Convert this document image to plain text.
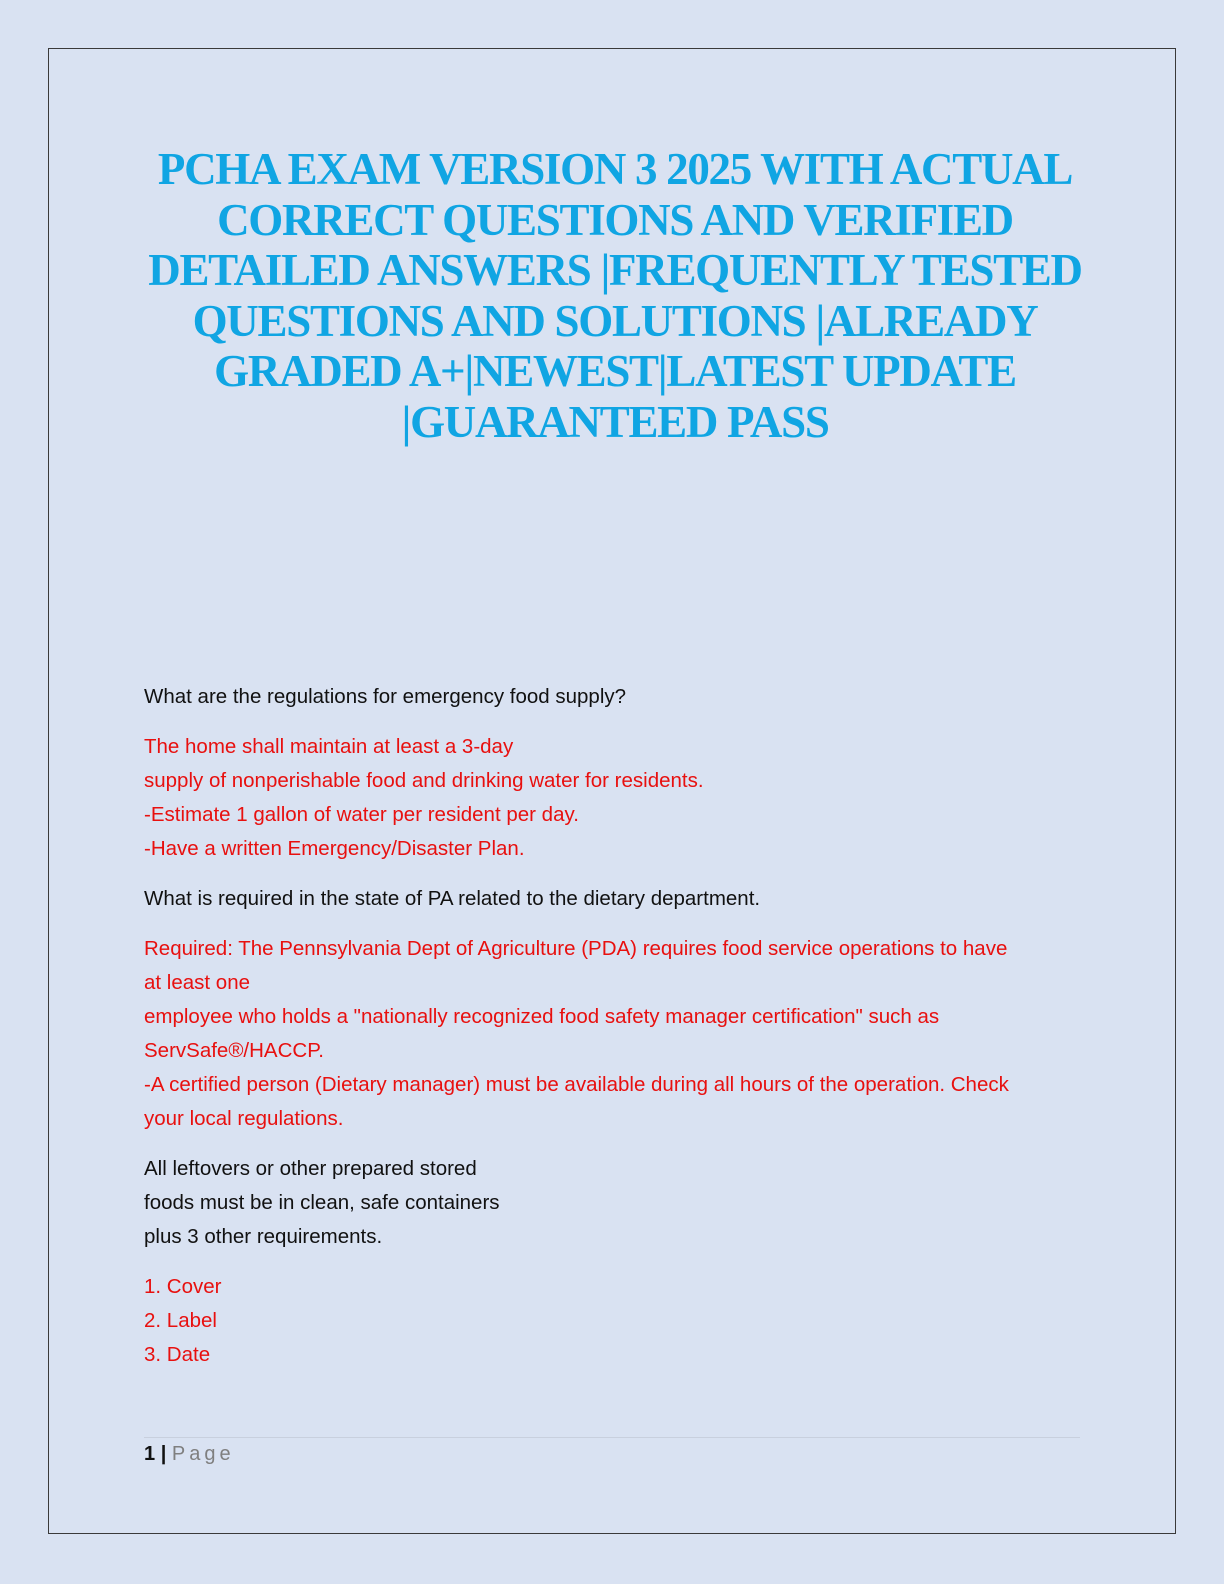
PCHA EXAM VERSION 3 2025 WITH ACTUAL
CORRECT QUESTIONS AND VERIFIED
DETAILED ANSWERS |FREQUENTLY TESTED
QUESTIONS AND SOLUTIONS |ALREADY
GRADED A+|NEWEST|LATEST UPDATE
|GUARANTEED PASS

What are the regulations for emergency food supply?

The home shall maintain at least a 3-day
supply of nonperishable food and drinking water for residents.
-Estimate 1 gallon of water per resident per day.
-Have a written Emergency/Disaster Plan.

What is required in the state of PA related to the dietary department.

Required: The Pennsylvania Dept of Agriculture (PDA) requires food service operations to have
at least one
employee who holds a "nationally recognized food safety manager certification" such as
ServSafe®/HACCP.
-A certified person (Dietary manager) must be available during all hours of the operation. Check
your local regulations.

All leftovers or other prepared stored
foods must be in clean, safe containers
plus 3 other requirements.

1. Cover
2. Label
3. Date

1 | Page
